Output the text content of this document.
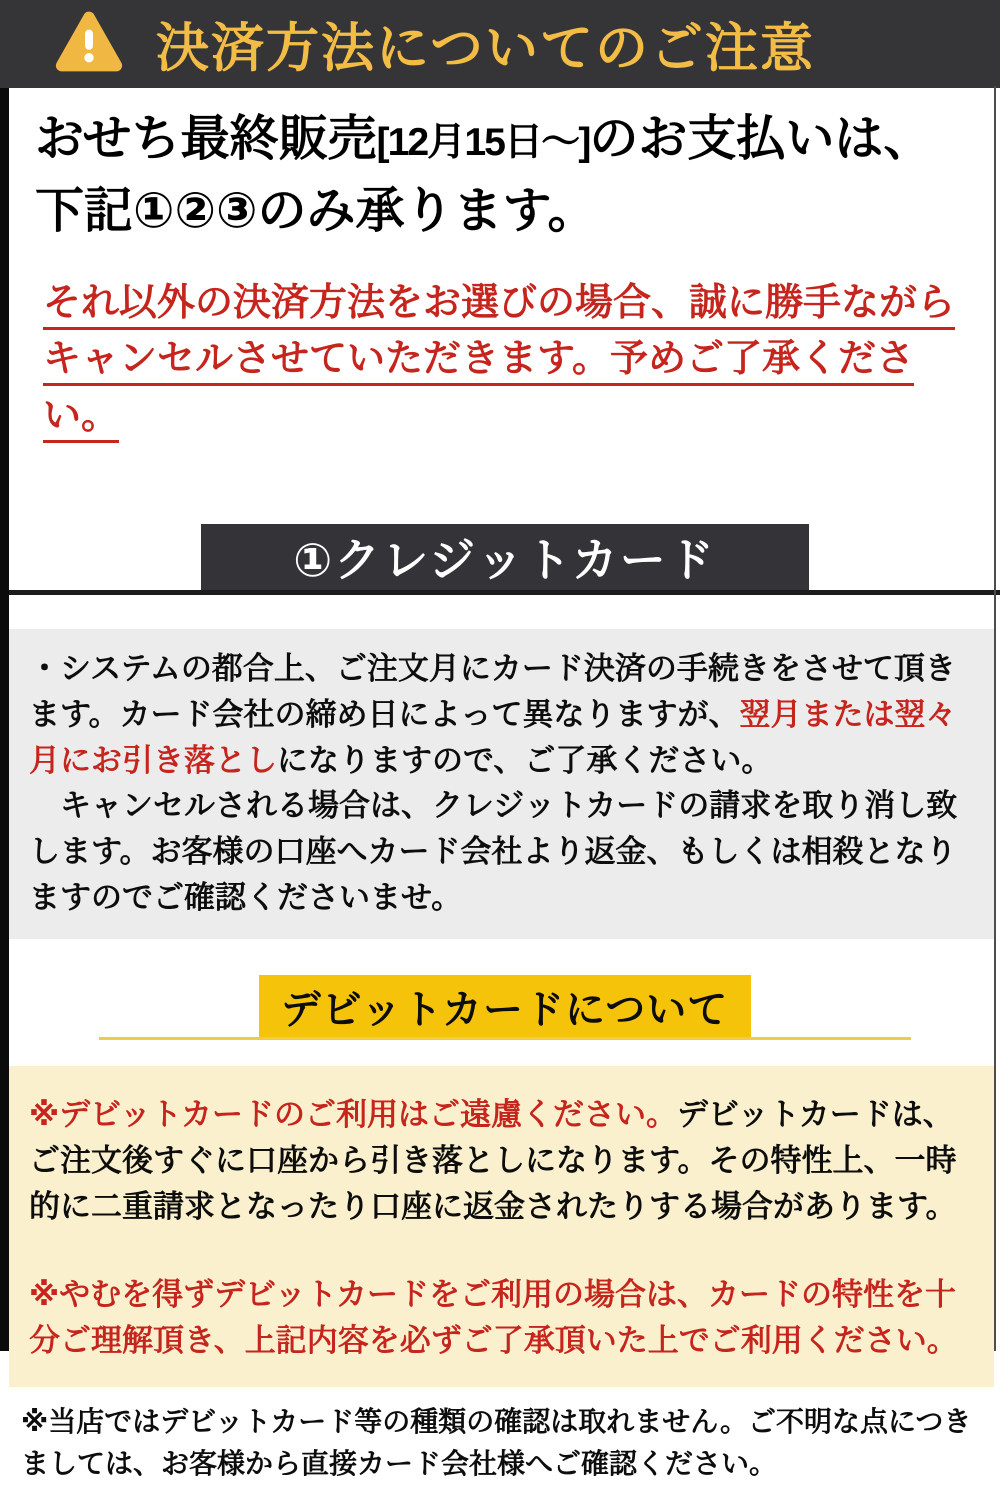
決済方法についてのご注意

おせち最終販売[12月15日〜]のお支払いは、
下記①②③のみ承ります。

それ以外の決済方法をお選びの場合、誠に勝手ながら
キャンセルさせていただきます。予めご了承ください。

①クレジットカード

・システムの都合上、ご注文月にカード決済の手続きをさせて頂きます。カード会社の締め日によって異なりますが、翌月または翌々月にお引き落としになりますので、ご了承ください。

　キャンセルされる場合は、クレジットカードの請求を取り消し致します。お客様の口座へカード会社より返金、もしくは相殺となりますのでご確認くださいませ。

デビットカードについて

※デビットカードのご利用はご遠慮ください。デビットカードは、ご注文後すぐに口座から引き落としになります。その特性上、一時的に二重請求となったり口座に返金されたりする場合があります。

※やむを得ずデビットカードをご利用の場合は、カードの特性を十分ご理解頂き、上記内容を必ずご了承頂いた上でご利用ください。

※当店ではデビットカード等の種類の確認は取れません。ご不明な点につきましては、お客様から直接カード会社様へご確認ください。
